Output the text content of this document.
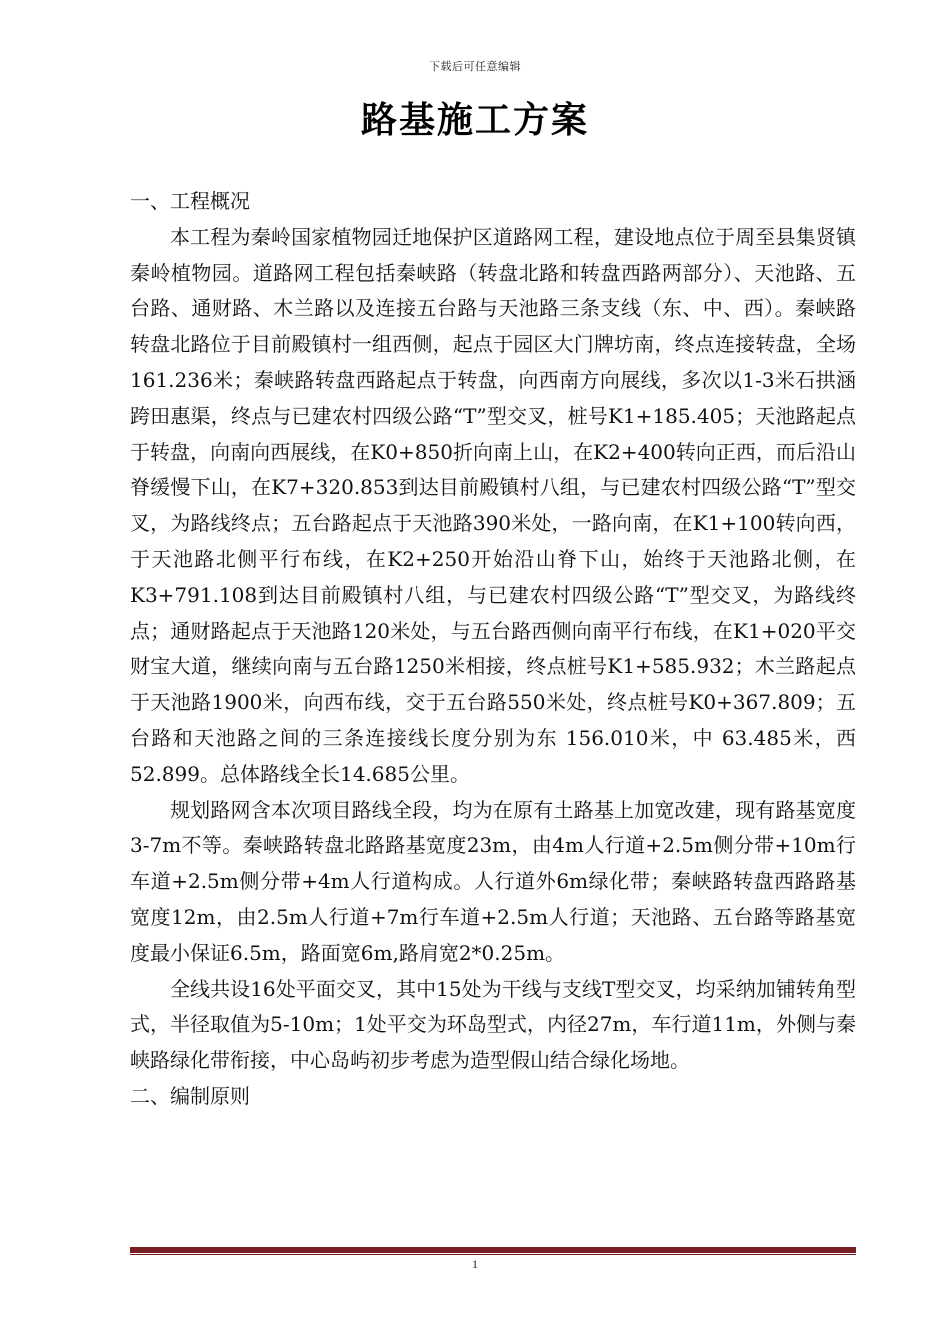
下载后可任意编辑
路基施工方案

一、工程概况

本工程为秦岭国家植物园迁地保护区道路网工程，建设地点位于周至县集贤镇秦岭植物园。道路网工程包括秦峡路（转盘北路和转盘西路两部分）、天池路、五台路、通财路、木兰路以及连接五台路与天池路三条支线（东、中、西）。秦峡路转盘北路位于目前殿镇村一组西侧，起点于园区大门牌坊南，终点连接转盘，全场161.236米；秦峡路转盘西路起点于转盘，向西南方向展线，多次以1-3米石拱涵跨田惠渠，终点与已建农村四级公路“T”型交叉，桩号K1+185.405；天池路起点于转盘，向南向西展线，在K0+850折向南上山，在K2+400转向正西，而后沿山脊缓慢下山，在K7+320.853到达目前殿镇村八组，与已建农村四级公路“T”型交叉，为路线终点；五台路起点于天池路390米处，一路向南，在K1+100转向西，于天池路北侧平行布线，在K2+250开始沿山脊下山，始终于天池路北侧，在K3+791.108到达目前殿镇村八组，与已建农村四级公路“T”型交叉，为路线终点；通财路起点于天池路120米处，与五台路西侧向南平行布线，在K1+020平交财宝大道，继续向南与五台路1250米相接，终点桩号K1+585.932；木兰路起点于天池路1900米，向西布线，交于五台路550米处，终点桩号K0+367.809；五台路和天池路之间的三条连接线长度分别为东 156.010米，中 63.485米，西 52.899。总体路线全长14.685公里。

规划路网含本次项目路线全段，均为在原有土路基上加宽改建，现有路基宽度3-7m不等。秦峡路转盘北路路基宽度23m，由4m人行道+2.5m侧分带+10m行车道+2.5m侧分带+4m人行道构成。人行道外6m绿化带；秦峡路转盘西路路基宽度12m，由2.5m人行道+7m行车道+2.5m人行道；天池路、五台路等路基宽度最小保证6.5m，路面宽6m,路肩宽2*0.25m。

全线共设16处平面交叉，其中15处为干线与支线T型交叉，均采纳加铺转角型式，半径取值为5-10m；1处平交为环岛型式，内径27m，车行道11m，外侧与秦峡路绿化带衔接，中心岛屿初步考虑为造型假山结合绿化场地。

二、编制原则

1
